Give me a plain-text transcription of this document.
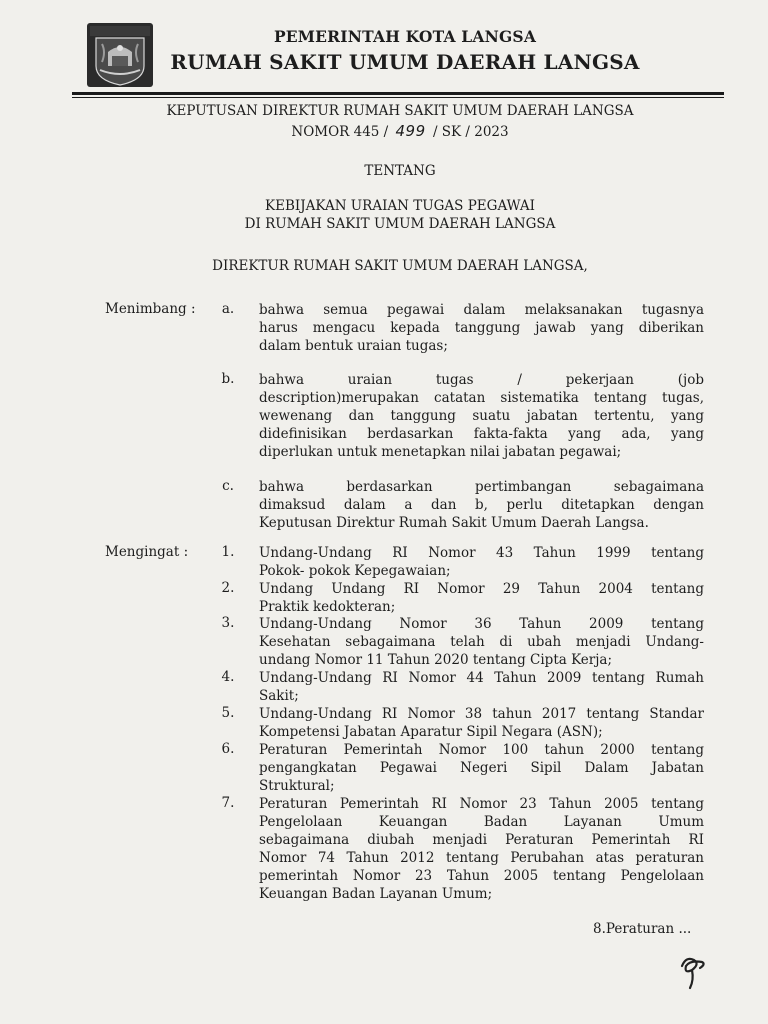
PEMERINTAH KOTA LANGSA
RUMAH SAKIT UMUM DAERAH LANGSA
KEPUTUSAN DIREKTUR RUMAH SAKIT UMUM DAERAH LANGSA
NOMOR 445 / 499 / SK / 2023
TENTANG
KEBIJAKAN URAIAN TUGAS PEGAWAI
DI RUMAH SAKIT UMUM DAERAH LANGSA
DIREKTUR RUMAH SAKIT UMUM DAERAH LANGSA,
Menimbang :	a.	bahwa semua pegawai dalam melaksanakan tugasnya
harus mengacu kepada tanggung jawab yang diberikan
dalam bentuk uraian tugas;
b.	bahwa uraian tugas / pekerjaan (job
description)merupakan catatan sistematika tentang tugas,
wewenang dan tanggung suatu jabatan tertentu, yang
didefinisikan berdasarkan fakta-fakta yang ada, yang
diperlukan untuk menetapkan nilai jabatan pegawai;
c.	bahwa berdasarkan pertimbangan sebagaimana
dimaksud dalam a dan b, perlu ditetapkan dengan
Keputusan Direktur Rumah Sakit Umum Daerah Langsa.
Mengingat :	1.	Undang-Undang RI Nomor 43 Tahun 1999 tentang
Pokok- pokok Kepegawaian;
2.	Undang Undang RI Nomor 29 Tahun 2004 tentang
Praktik kedokteran;
3.	Undang-Undang Nomor 36 Tahun 2009 tentang
Kesehatan sebagaimana telah di ubah menjadi Undang-
undang Nomor 11 Tahun 2020 tentang Cipta Kerja;
4.	Undang-Undang RI Nomor 44 Tahun 2009 tentang Rumah
Sakit;
5.	Undang-Undang RI Nomor 38 tahun 2017 tentang Standar
Kompetensi Jabatan Aparatur Sipil Negara (ASN);
6.	Peraturan Pemerintah Nomor 100 tahun 2000 tentang
pengangkatan Pegawai Negeri Sipil Dalam Jabatan
Struktural;
7.	Peraturan Pemerintah RI Nomor 23 Tahun 2005 tentang
Pengelolaan Keuangan Badan Layanan Umum
sebagaimana diubah menjadi Peraturan Pemerintah RI
Nomor 74 Tahun 2012 tentang Perubahan atas peraturan
pemerintah Nomor 23 Tahun 2005 tentang Pengelolaan
Keuangan Badan Layanan Umum;
8.Peraturan ...
